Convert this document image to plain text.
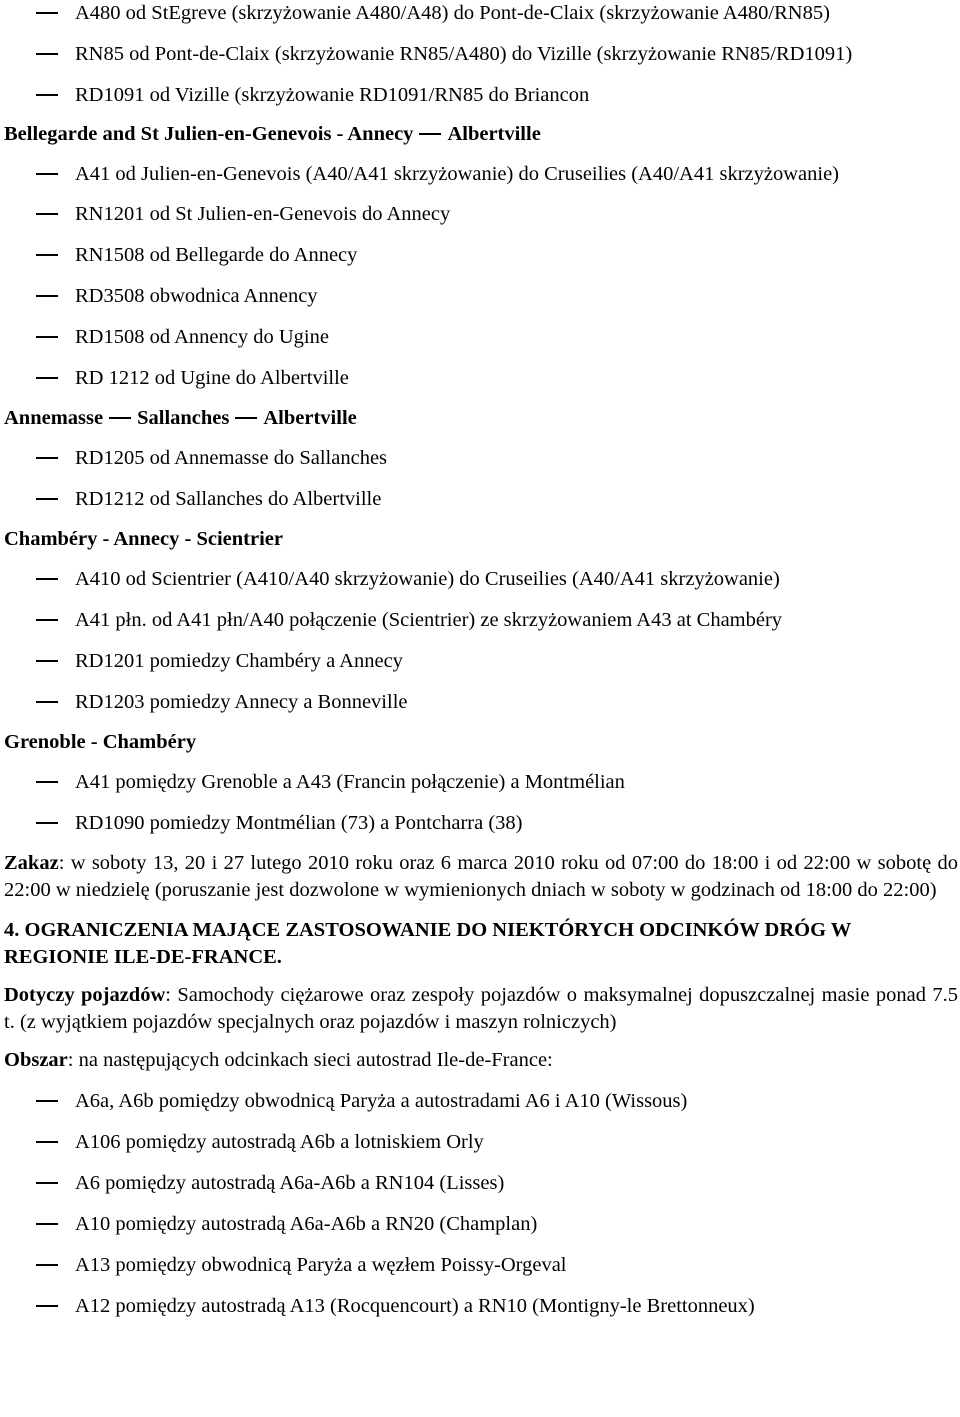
A480 od StEgreve (skrzyżowanie A480/A48) do Pont-de-Claix (skrzyżowanie A480/RN85)
RN85 od Pont-de-Claix (skrzyżowanie RN85/A480) do Vizille (skrzyżowanie RN85/RD1091)
RD1091 od Vizille (skrzyżowanie RD1091/RN85 do Briancon
Bellegarde and St Julien-en-Genevois - Annecy Albertville
A41 od Julien-en-Genevois (A40/A41 skrzyżowanie) do Cruseilies (A40/A41 skrzyżowanie)
RN1201 od St Julien-en-Genevois do Annecy
RN1508 od Bellegarde do Annecy
RD3508 obwodnica Annency
RD1508 od Annency do Ugine
RD 1212 od Ugine do Albertville
Annemasse Sallanches Albertville
RD1205 od Annemasse do Sallanches
RD1212 od Sallanches do Albertville
Chambéry - Annecy - Scientrier
A410 od Scientrier (A410/A40 skrzyżowanie) do Cruseilies (A40/A41 skrzyżowanie)
A41 płn. od A41 płn/A40 połączenie (Scientrier) ze skrzyżowaniem A43 at Chambéry
RD1201 pomiedzy Chambéry a Annecy
RD1203 pomiedzy Annecy a Bonneville
Grenoble - Chambéry
A41 pomiędzy Grenoble a A43 (Francin połączenie) a Montmélian
RD1090 pomiedzy Montmélian (73) a Pontcharra (38)
Zakaz: w soboty 13, 20 i 27 lutego 2010 roku oraz 6 marca 2010 roku od 07:00 do 18:00 i od 22:00 w sobotę do 22:00 w niedzielę (poruszanie jest dozwolone w wymienionych dniach w soboty w godzinach od 18:00 do 22:00)
4. OGRANICZENIA MAJĄCE ZASTOSOWANIE DO NIEKTÓRYCH ODCINKÓW DRÓG W REGIONIE ILE-DE-FRANCE.
Dotyczy pojazdów: Samochody ciężarowe oraz zespoły pojazdów o maksymalnej dopuszczalnej masie ponad 7.5 t. (z wyjątkiem pojazdów specjalnych oraz pojazdów i maszyn rolniczych)
Obszar: na następujących odcinkach sieci autostrad Ile-de-France:
A6a, A6b pomiędzy obwodnicą Paryża a autostradami A6 i A10 (Wissous)
A106 pomiędzy autostradą A6b a lotniskiem Orly
A6 pomiędzy autostradą A6a-A6b a RN104 (Lisses)
A10 pomiędzy autostradą A6a-A6b a RN20 (Champlan)
A13 pomiędzy obwodnicą Paryża a węzłem Poissy-Orgeval
A12 pomiędzy autostradą A13 (Rocquencourt) a RN10 (Montigny-le Brettonneux)
